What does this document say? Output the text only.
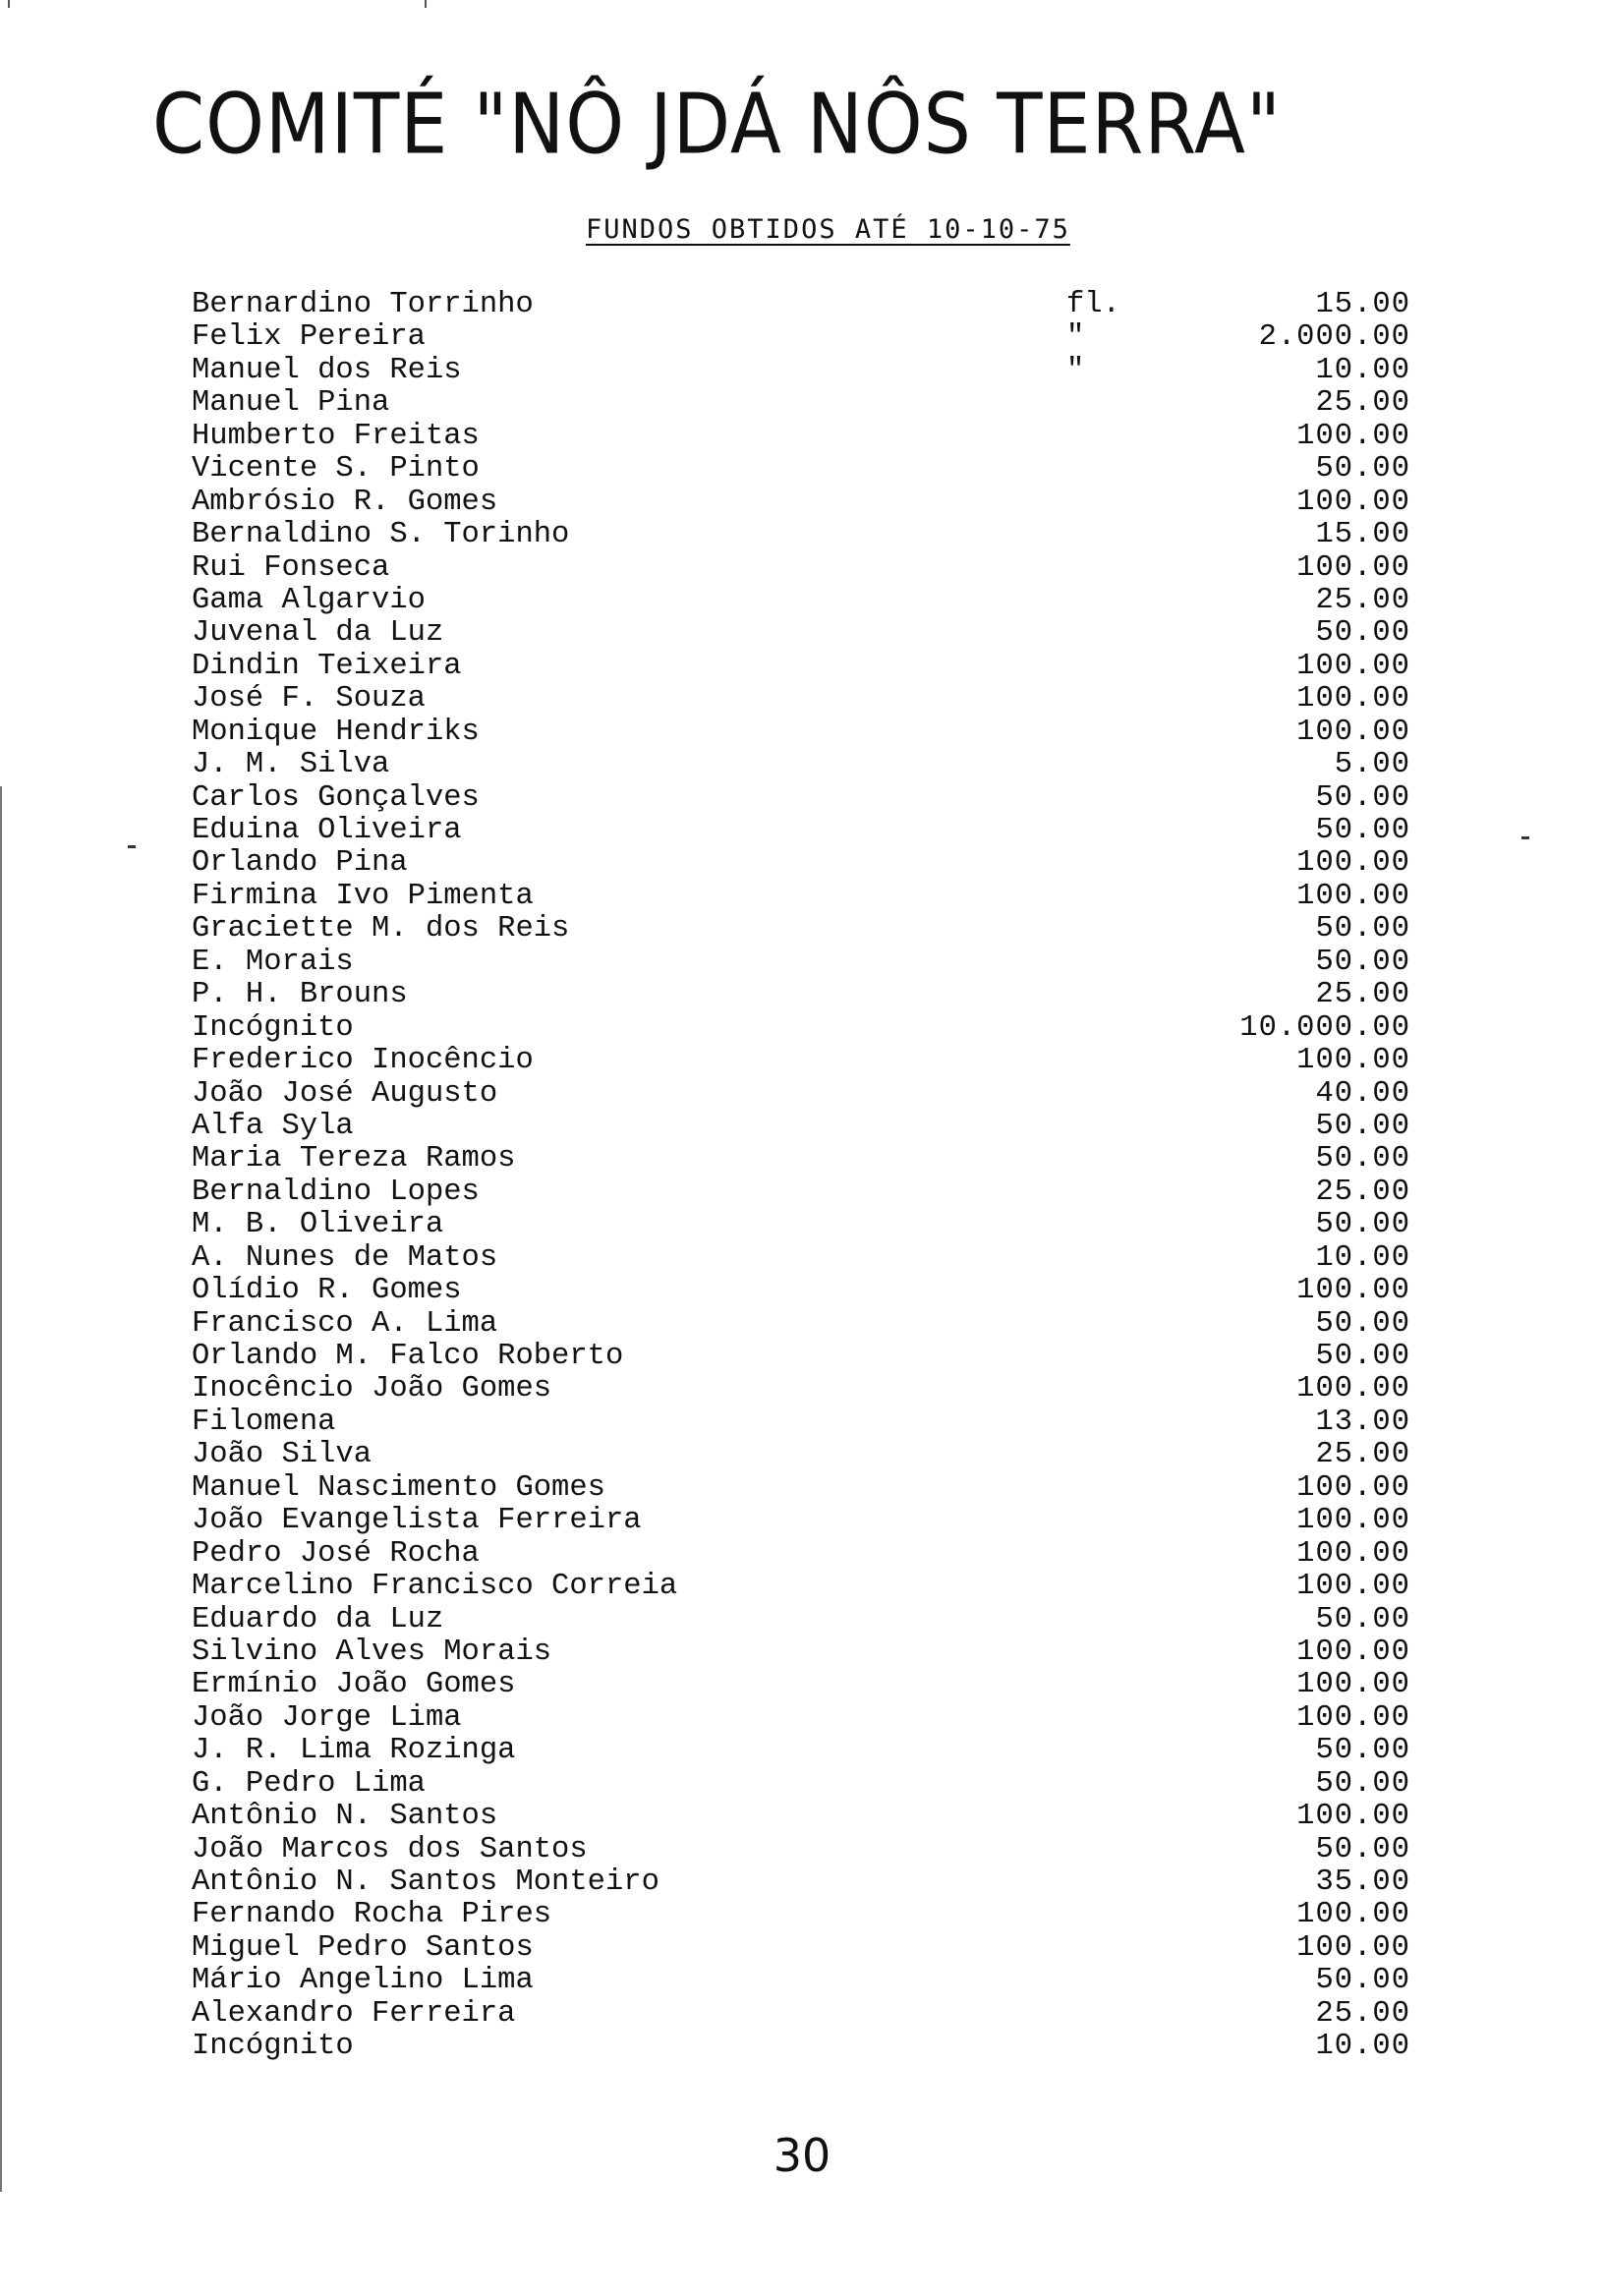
COMITÉ "NÔ JDÁ NÔS TERRA"
FUNDOS OBTIDOS ATÉ 10-10-75
Bernardino Torrinho	fl.	15.00
Felix Pereira	"	2.000.00
Manuel dos Reis	"	10.00
Manuel Pina	25.00
Humberto Freitas	100.00
Vicente S. Pinto	50.00
Ambrósio R. Gomes	100.00
Bernaldino S. Torinho	15.00
Rui Fonseca	100.00
Gama Algarvio	25.00
Juvenal da Luz	50.00
Dindin Teixeira	100.00
José F. Souza	100.00
Monique Hendriks	100.00
J. M. Silva	5.00
Carlos Gonçalves	50.00
Eduina Oliveira	50.00
Orlando Pina	100.00
Firmina Ivo Pimenta	100.00
Graciette M. dos Reis	50.00
E. Morais	50.00
P. H. Brouns	25.00
Incógnito	10.000.00
Frederico Inocêncio	100.00
João José Augusto	40.00
Alfa Syla	50.00
Maria Tereza Ramos	50.00
Bernaldino Lopes	25.00
M. B. Oliveira	50.00
A. Nunes de Matos	10.00
Olídio R. Gomes	100.00
Francisco A. Lima	50.00
Orlando M. Falco Roberto	50.00
Inocêncio João Gomes	100.00
Filomena	13.00
João Silva	25.00
Manuel Nascimento Gomes	100.00
João Evangelista Ferreira	100.00
Pedro José Rocha	100.00
Marcelino Francisco Correia	100.00
Eduardo da Luz	50.00
Silvino Alves Morais	100.00
Ermínio João Gomes	100.00
João Jorge Lima	100.00
J. R. Lima Rozinga	50.00
G. Pedro Lima	50.00
Antônio N. Santos	100.00
João Marcos dos Santos	50.00
Antônio N. Santos Monteiro	35.00
Fernando Rocha Pires	100.00
Miguel Pedro Santos	100.00
Mário Angelino Lima	50.00
Alexandro Ferreira	25.00
Incógnito	10.00
30
